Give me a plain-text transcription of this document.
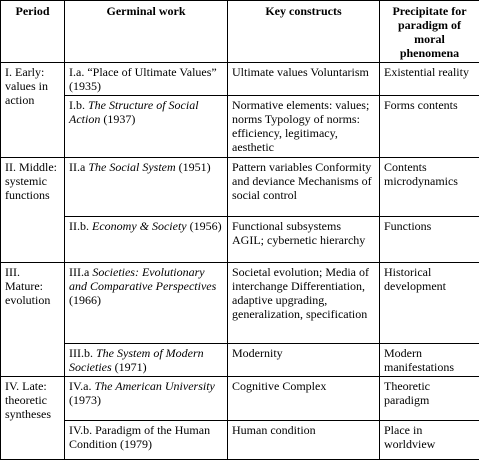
Period	Germinal work	Key constructs	Precipitate for paradigm of moral phenomena
I. Early: values in action	I.a. “Place of Ultimate Values” (1935)	Ultimate values Voluntarism	Existential reality
	I.b. The Structure of Social Action (1937)	Normative elements: values; norms Typology of norms: efficiency, legitimacy, aesthetic	Forms contents
II. Middle: systemic functions	II.a The Social System (1951)	Pattern variables Conformity and deviance Mechanisms of social control	Contents microdynamics
	II.b. Economy & Society (1956)	Functional subsystems AGIL; cybernetic hierarchy	Functions
III. Mature: evolution	III.a Societies: Evolutionary and Comparative Perspectives (1966)	Societal evolution; Media of interchange Differentiation, adaptive upgrading, generalization, specification	Historical development
	III.b. The System of Modern Societies (1971)	Modernity	Modern manifestations
IV. Late: theoretic syntheses	IV.a. The American University (1973)	Cognitive Complex	Theoretic paradigm
	IV.b. Paradigm of the Human Condition (1979)	Human condition	Place in worldview
